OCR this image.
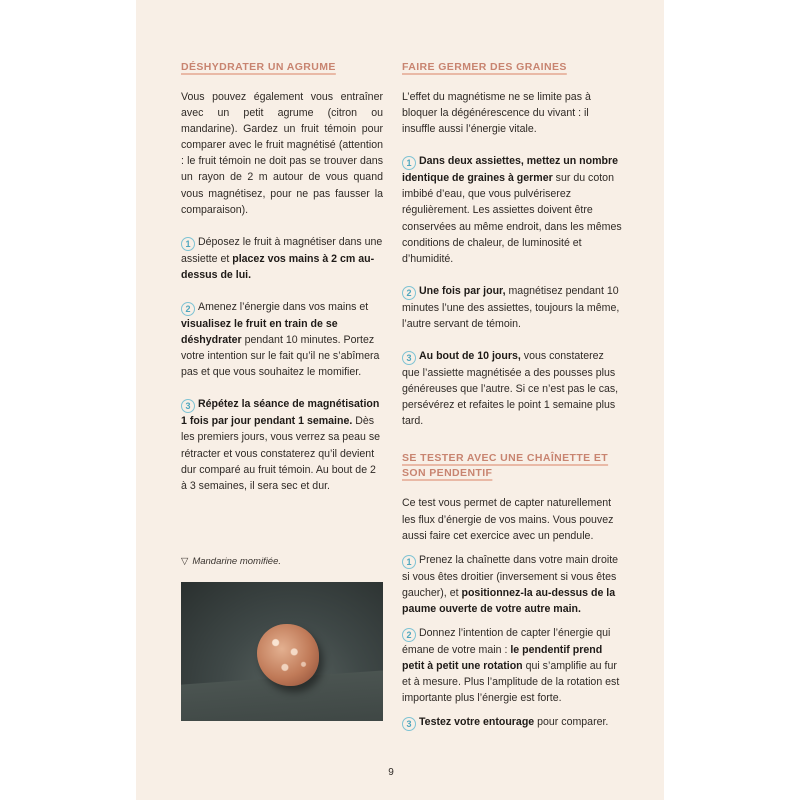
DÉSHYDRATER UN AGRUME

Vous pouvez également vous entraîner avec un petit agrume (citron ou mandarine). Gardez un fruit témoin pour comparer avec le fruit magnétisé (attention : le fruit témoin ne doit pas se trouver dans un rayon de 2 m autour de vous quand vous magnétisez, pour ne pas fausser la comparaison).

1 Déposez le fruit à magnétiser dans une assiette et placez vos mains à 2 cm au-dessus de lui.

2 Amenez l’énergie dans vos mains et visualisez le fruit en train de se déshydrater pendant 10 minutes. Portez votre intention sur le fait qu’il ne s’abîmera pas et que vous souhaitez le momifier.

3 Répétez la séance de magnétisation 1 fois par jour pendant 1 semaine. Dès les premiers jours, vous verrez sa peau se rétracter et vous constaterez qu’il devient dur comparé au fruit témoin. Au bout de 2 à 3 semaines, il sera sec et dur.

▽ Mandarine momifiée.
FAIRE GERMER DES GRAINES

L’effet du magnétisme ne se limite pas à bloquer la dégénérescence du vivant : il insuffle aussi l’énergie vitale.

1 Dans deux assiettes, mettez un nombre identique de graines à germer sur du coton imbibé d’eau, que vous pulvériserez régulièrement. Les assiettes doivent être conservées au même endroit, dans les mêmes conditions de chaleur, de luminosité et d’humidité.

2 Une fois par jour, magnétisez pendant 10 minutes l’une des assiettes, toujours la même, l’autre servant de témoin.

3 Au bout de 10 jours, vous constaterez que l’assiette magnétisée a des pousses plus généreuses que l’autre. Si ce n’est pas le cas, persévérez et refaites le point 1 semaine plus tard.

SE TESTER AVEC UNE CHAÎNETTE ET SON PENDENTIF

Ce test vous permet de capter naturellement les flux d’énergie de vos mains. Vous pouvez aussi faire cet exercice avec un pendule.

1 Prenez la chaînette dans votre main droite si vous êtes droitier (inversement si vous êtes gaucher), et positionnez-la au-dessus de la paume ouverte de votre autre main.

2 Donnez l’intention de capter l’énergie qui émane de votre main : le pendentif prend petit à petit une rotation qui s’amplifie au fur et à mesure. Plus l’amplitude de la rotation est importante plus l’énergie est forte.

3 Testez votre entourage pour comparer.

9
